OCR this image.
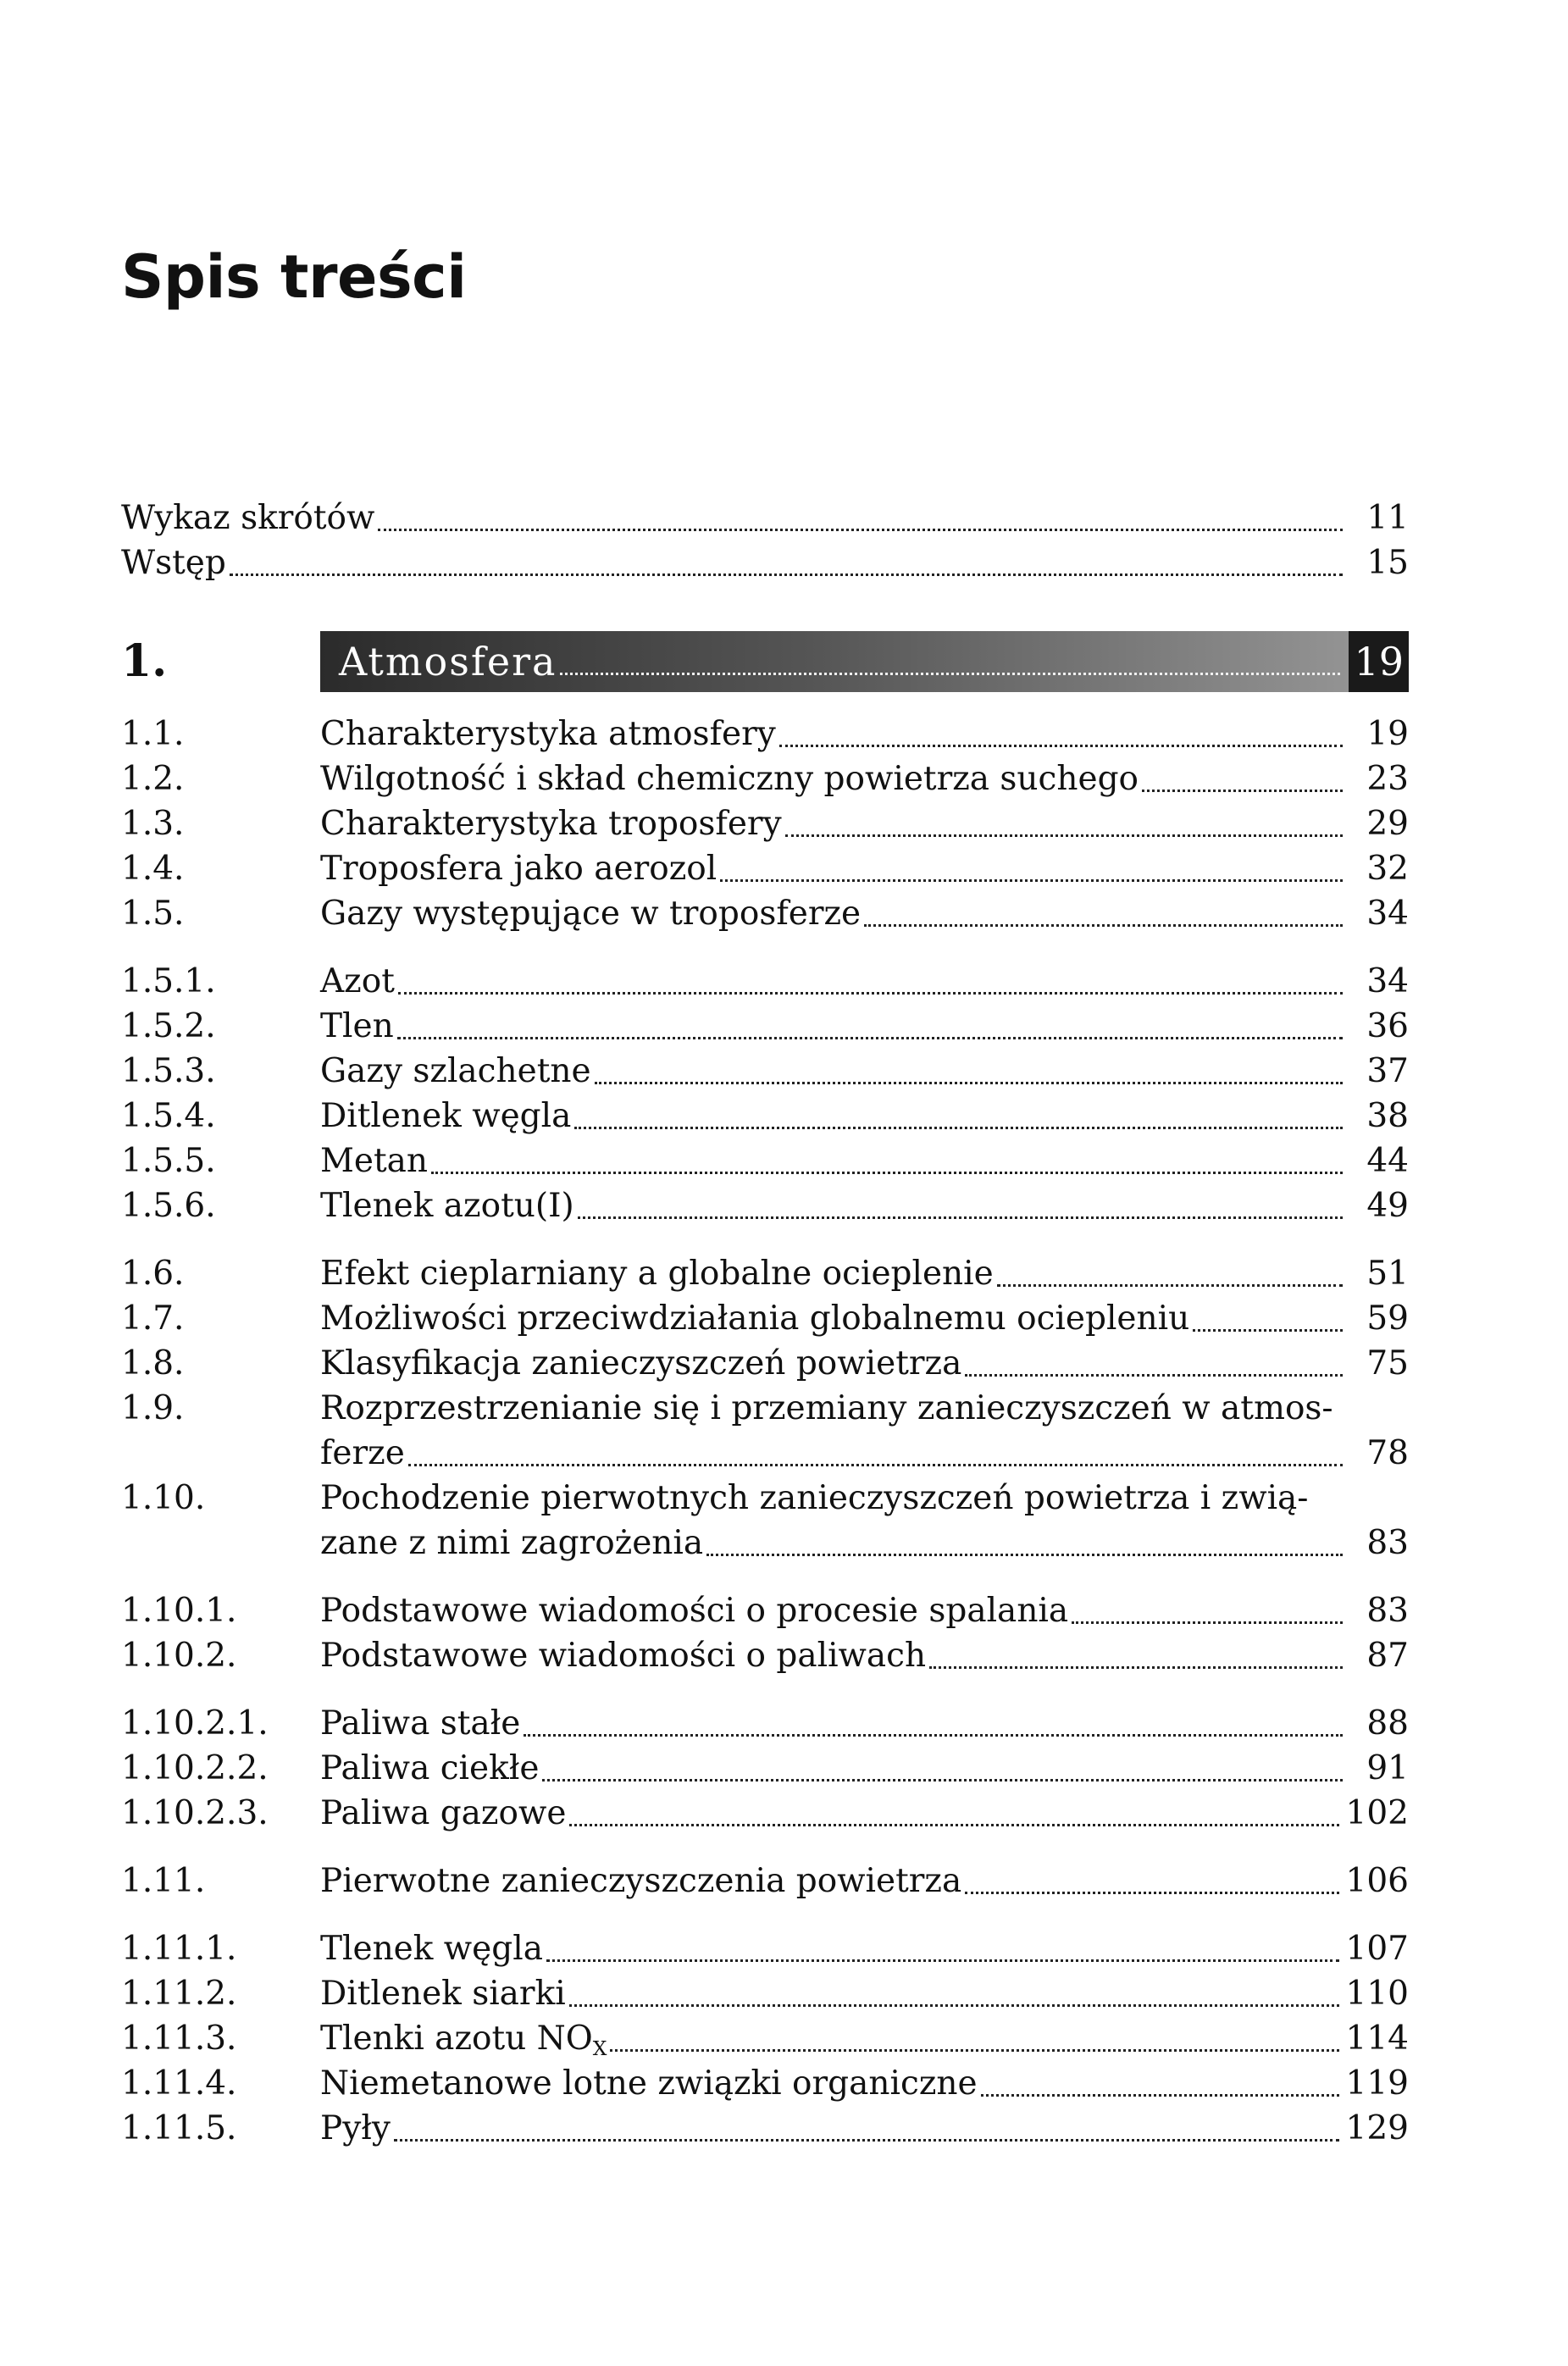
Spis treści
Wykaz skrótów	11
Wstęp	15
1.	Atmosfera	19
1.1.	Charakterystyka atmosfery	19
1.2.	Wilgotność i skład chemiczny powietrza suchego	23
1.3.	Charakterystyka troposfery	29
1.4.	Troposfera jako aerozol	32
1.5.	Gazy występujące w troposferze	34
1.5.1.	Azot	34
1.5.2.	Tlen	36
1.5.3.	Gazy szlachetne	37
1.5.4.	Ditlenek węgla	38
1.5.5.	Metan	44
1.5.6.	Tlenek azotu(I)	49
1.6.	Efekt cieplarniany a globalne ocieplenie	51
1.7.	Możliwości przeciwdziałania globalnemu ociepleniu	59
1.8.	Klasyfikacja zanieczyszczeń powietrza	75
1.9.	Rozprzestrzenianie się i przemiany zanieczyszczeń w atmos-
ferze	78
1.10.	Pochodzenie pierwotnych zanieczyszczeń powietrza i zwią-
zane z nimi zagrożenia	83
1.10.1.	Podstawowe wiadomości o procesie spalania	83
1.10.2.	Podstawowe wiadomości o paliwach	87
1.10.2.1.	Paliwa stałe	88
1.10.2.2.	Paliwa ciekłe	91
1.10.2.3.	Paliwa gazowe	102
1.11.	Pierwotne zanieczyszczenia powietrza	106
1.11.1.	Tlenek węgla	107
1.11.2.	Ditlenek siarki	110
1.11.3.	Tlenki azotu $NO_X$	114
1.11.4.	Niemetanowe lotne związki organiczne	119
1.11.5.	Pyły	129
